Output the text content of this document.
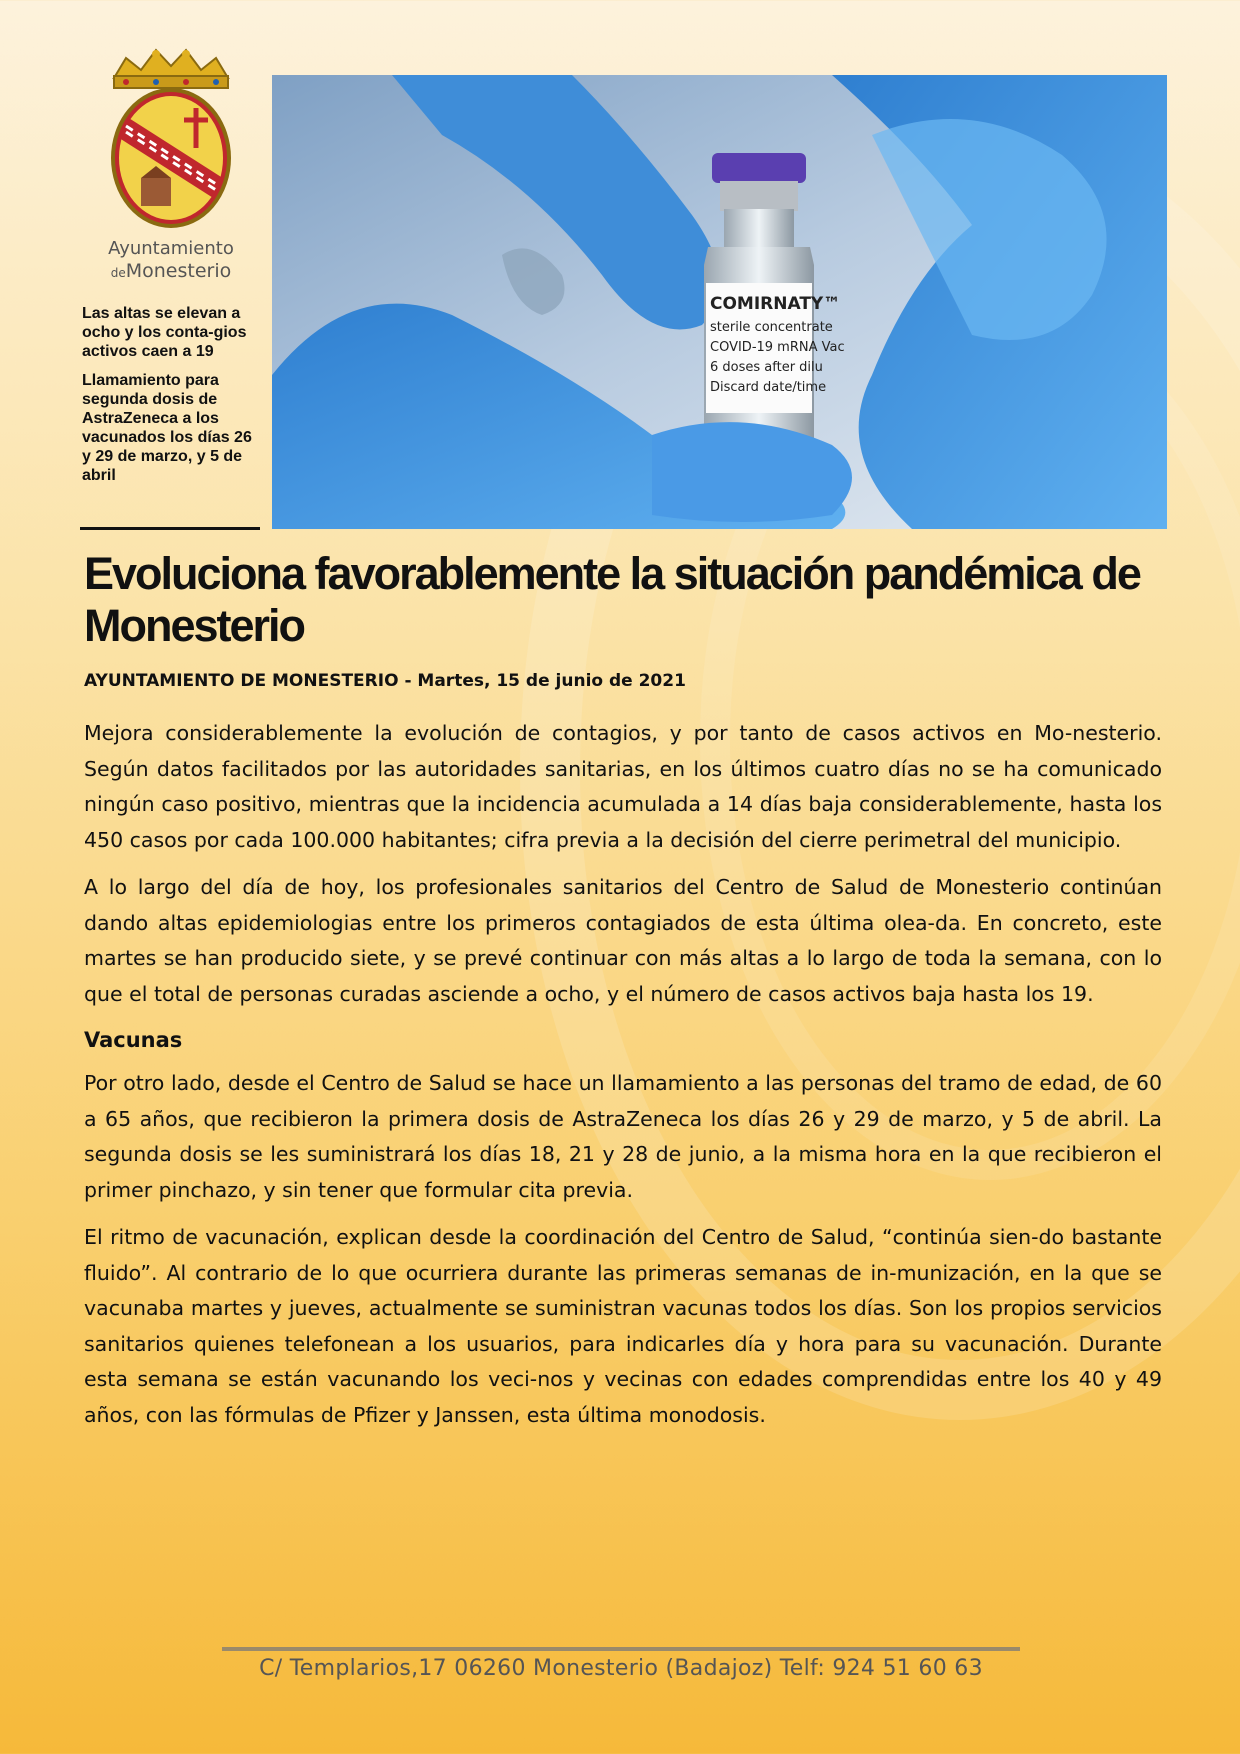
Ayuntamiento
deMonesterio

Las altas se elevan a ocho y los conta-gios activos caen a 19

Llamamiento para segunda dosis de AstraZeneca a los vacunados los días 26 y 29 de marzo, y 5 de abril

COMIRNATY™
sterile concentrate
COVID-19 mRNA Vac
6 doses after dilu
Discard date/time
Evoluciona favorablemente la situación pandémica de Monesterio
AYUNTAMIENTO DE MONESTERIO - Martes, 15 de junio de 2021

Mejora considerablemente la evolución de contagios, y por tanto de casos activos en Mo-nesterio. Según datos facilitados por las autoridades sanitarias, en los últimos cuatro días no se ha comunicado ningún caso positivo, mientras que la incidencia acumulada a 14 días baja considerablemente, hasta los 450 casos por cada 100.000 habitantes; cifra previa a la decisión del cierre perimetral del municipio.

A lo largo del día de hoy, los profesionales sanitarios del Centro de Salud de Monesterio continúan dando altas epidemiologias entre los primeros contagiados de esta última olea-da. En concreto, este martes se han producido siete, y se prevé continuar con más altas a lo largo de toda la semana, con lo que el total de personas curadas asciende a ocho, y el número de casos activos baja hasta los 19.

Vacunas

Por otro lado, desde el Centro de Salud se hace un llamamiento a las personas del tramo de edad, de 60 a 65 años, que recibieron la primera dosis de AstraZeneca los días 26 y 29 de marzo, y 5 de abril. La segunda dosis se les suministrará los días 18, 21 y 28 de junio, a la misma hora en la que recibieron el primer pinchazo, y sin tener que formular cita previa.

El ritmo de vacunación, explican desde la coordinación del Centro de Salud, “continúa sien-do bastante fluido”. Al contrario de lo que ocurriera durante las primeras semanas de in-munización, en la que se vacunaba martes y jueves, actualmente se suministran vacunas todos los días. Son los propios servicios sanitarios quienes telefonean a los usuarios, para indicarles día y hora para su vacunación. Durante esta semana se están vacunando los veci-nos y vecinas con edades comprendidas entre los 40 y 49 años, con las fórmulas de Pfizer y Janssen, esta última monodosis.

C/ Templarios,17 06260 Monesterio (Badajoz) Telf: 924 51 60 63
